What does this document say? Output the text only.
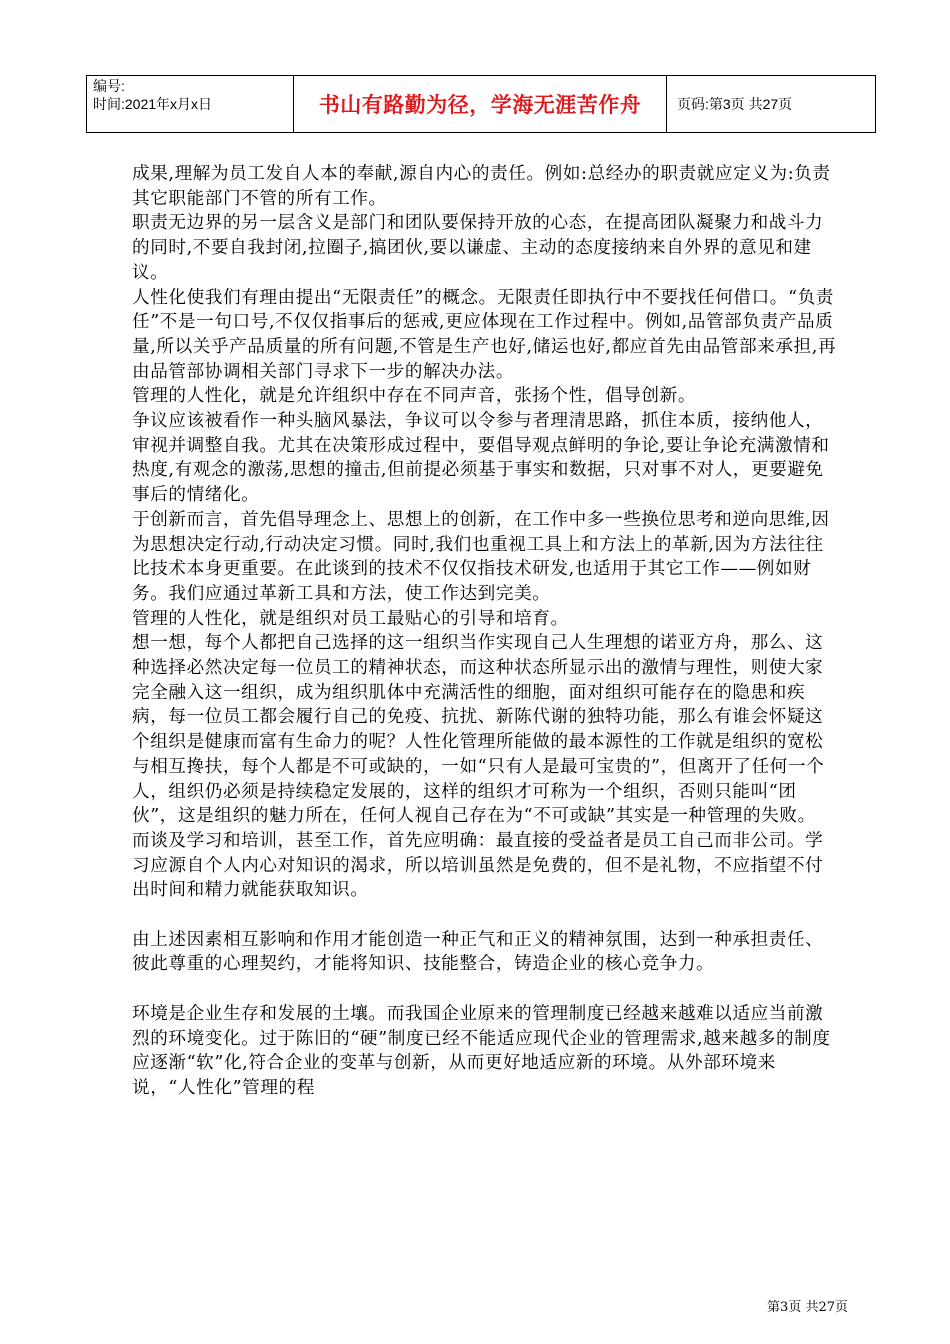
编号:
时间:2021年x月x日	书山有路勤为径，学海无涯苦作舟	页码:第3页 共27页

成果,理解为员工发自人本的奉献,源自内心的责任。例如:总经办的职责就应定义为:负责其它职能部门不管的所有工作。

职责无边界的另一层含义是部门和团队要保持开放的心态，在提高团队凝聚力和战斗力的同时,不要自我封闭,拉圈子,搞团伙,要以谦虚、主动的态度接纳来自外界的意见和建议。

人性化使我们有理由提出“无限责任”的概念。无限责任即执行中不要找任何借口。“负责任”不是一句口号,不仅仅指事后的惩戒,更应体现在工作过程中。例如,品管部负责产品质量,所以关乎产品质量的所有问题,不管是生产也好,储运也好,都应首先由品管部来承担,再由品管部协调相关部门寻求下一步的解决办法。

管理的人性化，就是允许组织中存在不同声音，张扬个性，倡导创新。

争议应该被看作一种头脑风暴法，争议可以令参与者理清思路，抓住本质，接纳他人，审视并调整自我。尤其在决策形成过程中，要倡导观点鲜明的争论,要让争论充满激情和热度,有观念的激荡,思想的撞击,但前提必须基于事实和数据，只对事不对人，更要避免事后的情绪化。

于创新而言，首先倡导理念上、思想上的创新，在工作中多一些换位思考和逆向思维,因为思想决定行动,行动决定习惯。同时,我们也重视工具上和方法上的革新,因为方法往往比技术本身更重要。在此谈到的技术不仅仅指技术研发,也适用于其它工作——例如财务。我们应通过革新工具和方法，使工作达到完美。

管理的人性化，就是组织对员工最贴心的引导和培育。

想一想，每个人都把自己选择的这一组织当作实现自己人生理想的诺亚方舟，那么、这种选择必然决定每一位员工的精神状态，而这种状态所显示出的激情与理性，则使大家完全融入这一组织，成为组织肌体中充满活性的细胞，面对组织可能存在的隐患和疾病，每一位员工都会履行自己的免疫、抗扰、新陈代谢的独特功能，那么有谁会怀疑这个组织是健康而富有生命力的呢？人性化管理所能做的最本源性的工作就是组织的宽松与相互搀扶，每个人都是不可或缺的，一如“只有人是最可宝贵的”，但离开了任何一个人，组织仍必须是持续稳定发展的，这样的组织才可称为一个组织，否则只能叫“团伙”，这是组织的魅力所在，任何人视自己存在为“不可或缺”其实是一种管理的失败。

而谈及学习和培训，甚至工作，首先应明确：最直接的受益者是员工自己而非公司。学习应源自个人内心对知识的渴求，所以培训虽然是免费的，但不是礼物，不应指望不付出时间和精力就能获取知识。

由上述因素相互影响和作用才能创造一种正气和正义的精神氛围，达到一种承担责任、 彼此尊重的心理契约，才能将知识、技能整合，铸造企业的核心竞争力。

环境是企业生存和发展的土壤。而我国企业原来的管理制度已经越来越难以适应当前激烈的环境变化。过于陈旧的“硬”制度已经不能适应现代企业的管理需求,越来越多的制度应逐渐“软”化,符合企业的变革与创新，从而更好地适应新的环境。从外部环境来说，“人性化”管理的程

第3页 共27页
